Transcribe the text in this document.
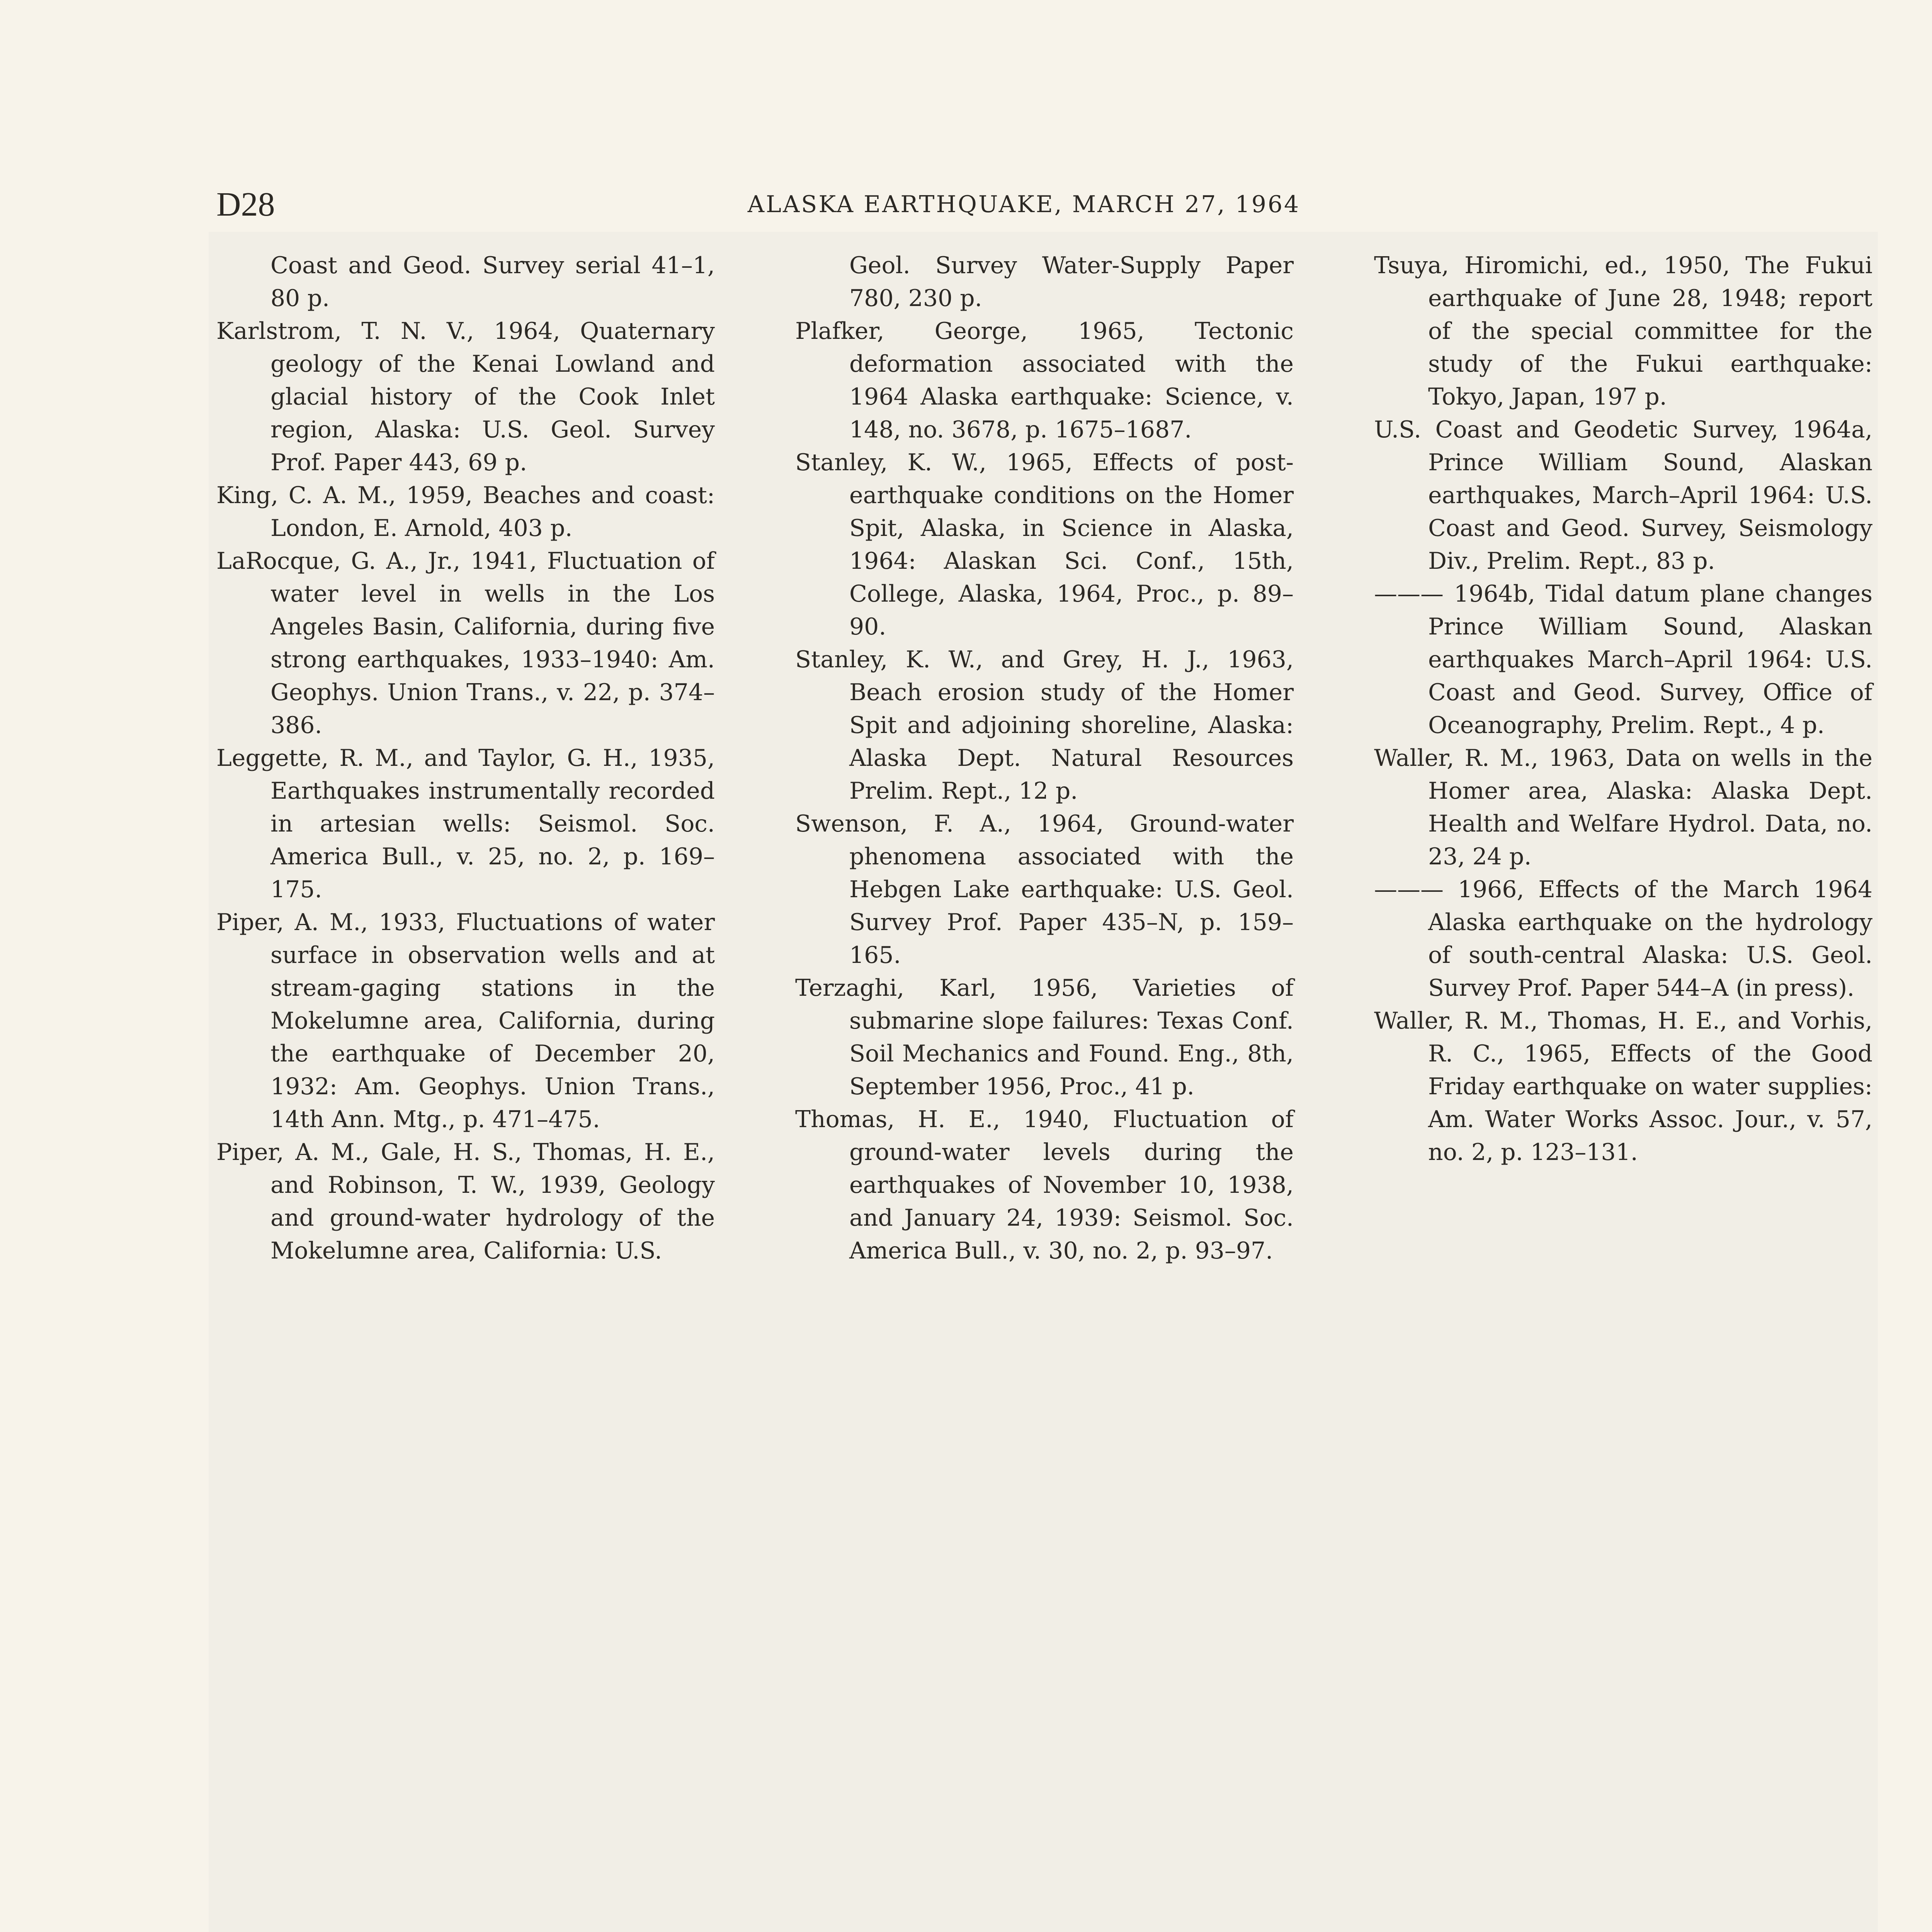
D28	ALASKA EARTHQUAKE, MARCH 27, 1964

Coast and Geod. Survey serial 41–1, 80 p.

Karlstrom, T. N. V., 1964, Quaternary geology of the Kenai Lowland and glacial history of the Cook Inlet region, Alaska: U.S. Geol. Survey Prof. Paper 443, 69 p.

King, C. A. M., 1959, Beaches and coast: London, E. Arnold, 403 p.

LaRocque, G. A., Jr., 1941, Fluctuation of water level in wells in the Los Angeles Basin, California, during five strong earthquakes, 1933–1940: Am. Geophys. Union Trans., v. 22, p. 374–386.

Leggette, R. M., and Taylor, G. H., 1935, Earthquakes instrumentally recorded in artesian wells: Seismol. Soc. America Bull., v. 25, no. 2, p. 169–175.

Piper, A. M., 1933, Fluctuations of water surface in observation wells and at stream-gaging stations in the Mokelumne area, California, during the earthquake of December 20, 1932: Am. Geophys. Union Trans., 14th Ann. Mtg., p. 471–475.

Piper, A. M., Gale, H. S., Thomas, H. E., and Robinson, T. W., 1939, Geology and ground-water hydrology of the Mokelumne area, California: U.S.

Geol. Survey Water-Supply Paper 780, 230 p.

Plafker, George, 1965, Tectonic deformation associated with the 1964 Alaska earthquake: Science, v. 148, no. 3678, p. 1675–1687.

Stanley, K. W., 1965, Effects of post-earthquake conditions on the Homer Spit, Alaska, in Science in Alaska, 1964: Alaskan Sci. Conf., 15th, College, Alaska, 1964, Proc., p. 89–90.

Stanley, K. W., and Grey, H. J., 1963, Beach erosion study of the Homer Spit and adjoining shoreline, Alaska: Alaska Dept. Natural Resources Prelim. Rept., 12 p.

Swenson, F. A., 1964, Ground-water phenomena associated with the Hebgen Lake earthquake: U.S. Geol. Survey Prof. Paper 435–N, p. 159–165.

Terzaghi, Karl, 1956, Varieties of submarine slope failures: Texas Conf. Soil Mechanics and Found. Eng., 8th, September 1956, Proc., 41 p.

Thomas, H. E., 1940, Fluctuation of ground-water levels during the earthquakes of November 10, 1938, and January 24, 1939: Seismol. Soc. America Bull., v. 30, no. 2, p. 93–97.

Tsuya, Hiromichi, ed., 1950, The Fukui earthquake of June 28, 1948; report of the special committee for the study of the Fukui earthquake: Tokyo, Japan, 197 p.

U.S. Coast and Geodetic Survey, 1964a, Prince William Sound, Alaskan earthquakes, March–April 1964: U.S. Coast and Geod. Survey, Seismology Div., Prelim. Rept., 83 p.

——— 1964b, Tidal datum plane changes Prince William Sound, Alaskan earthquakes March–April 1964: U.S. Coast and Geod. Survey, Office of Oceanography, Prelim. Rept., 4 p.

Waller, R. M., 1963, Data on wells in the Homer area, Alaska: Alaska Dept. Health and Welfare Hydrol. Data, no. 23, 24 p.

——— 1966, Effects of the March 1964 Alaska earthquake on the hydrology of south-central Alaska: U.S. Geol. Survey Prof. Paper 544–A (in press).

Waller, R. M., Thomas, H. E., and Vorhis, R. C., 1965, Effects of the Good Friday earthquake on water supplies: Am. Water Works Assoc. Jour., v. 57, no. 2, p. 123–131.
